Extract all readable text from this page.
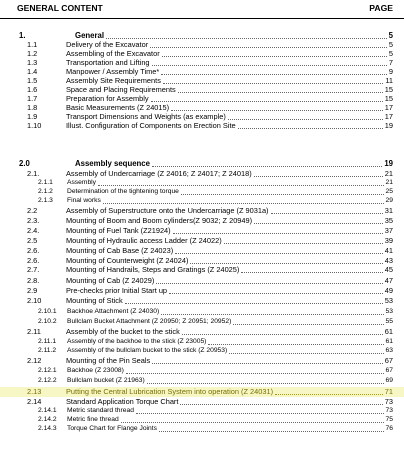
GENERAL CONTENT	PAGE
1.	General	5
1.1	Delivery of the Excavator	5
1.2	Assembling of the Excavator	5
1.3	Transportation and Lifting	7
1.4	Manpower / Assembly Time*	9
1.5	Assembly Site Requirements	11
1.6	Space and Placing Requirements	15
1.7	Preparation for Assembly	15
1.8	Basic Measurements (Z 24015)	17
1.9	Transport Dimensions and Weights (as example)	17
1.10	Illust. Configuration of Components on Erection Site	19
2.0	Assembly sequence	19
2.1.	Assembly of Undercarriage (Z 24016; Z 24017; Z 24018)	21
2.1.1 Assembly	21
2.1.2 Determination of the tightening torque	25
2.1.3 Final works	29
2.2	Assembly of Superstructure onto the Undercarriage (Z 9031a)	31
2.3.	Mounting of Boom and Boom cylinders(Z 9032; Z 20949)	35
2.4.	Mounting of Fuel Tank (Z21924)	37
2.5	Mounting of Hydraulic access Ladder (Z 24022)	39
2.6.	Mounting of Cab Base (Z 24023)	41
2.6.	Mounting of Counterweight (Z 24024)	43
2.7.	Mounting of Handrails, Steps and Gratings (Z 24025)	45
2.8.	Mounting of Cab (Z 24029)	47
2.9	Pre-checks prior Initial Start up	49
2.10	Mounting of Stick	53
2.10.1 Backhoe Attachment (Z 24030)	53
2.10.2 Bullclam Bucket Attachment (Z 20950; Z 20951; 20952)	55
2.11	Assembly of the bucket to the stick	61
2.11.1 Assembly of the backhoe to the stick (Z 23005)	61
2.11.2 Assembly of the bullclam bucket to the stick (Z 20953)	63
2.12	Mounting of the Pin Seals	67
2.12.1 Backhoe (Z 23008)	67
2.12.2 Bullclam bucket (Z 21963)	69
2.13	Putting the Central Lubrication System into operation (Z 24031)	71
2.14	Standard Application Torque Chart	73
2.14.1 Metric standard thread	73
2.14.2 Metric fine thread	75
2.14.3 Torque Chart for Flange Joints	76
